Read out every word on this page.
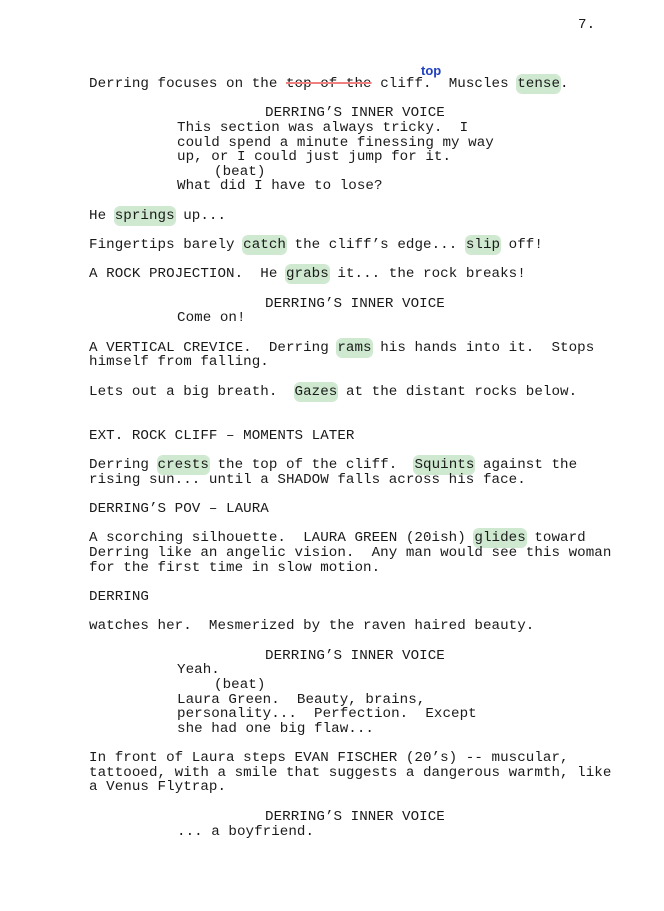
7.
top
Derring focuses on the top of the cliff.  Muscles tense.
DERRING’S INNER VOICE
This section was always tricky.  I
could spend a minute finessing my way
up, or I could just jump for it.
(beat)
What did I have to lose?
He springs up...
Fingertips barely catch the cliff’s edge... slip off!
A ROCK PROJECTION.  He grabs it... the rock breaks!
DERRING’S INNER VOICE
Come on!
A VERTICAL CREVICE.  Derring rams his hands into it.  Stops
himself from falling.
Lets out a big breath.  Gazes at the distant rocks below.
EXT. ROCK CLIFF – MOMENTS LATER
Derring crests the top of the cliff.  Squints against the
rising sun... until a SHADOW falls across his face.
DERRING’S POV – LAURA
A scorching silhouette.  LAURA GREEN (20ish) glides toward
Derring like an angelic vision.  Any man would see this woman
for the first time in slow motion.
DERRING
watches her.  Mesmerized by the raven haired beauty.
DERRING’S INNER VOICE
Yeah.
(beat)
Laura Green.  Beauty, brains,
personality...  Perfection.  Except
she had one big flaw...
In front of Laura steps EVAN FISCHER (20’s) -- muscular,
tattooed, with a smile that suggests a dangerous warmth, like
a Venus Flytrap.
DERRING’S INNER VOICE
... a boyfriend.
